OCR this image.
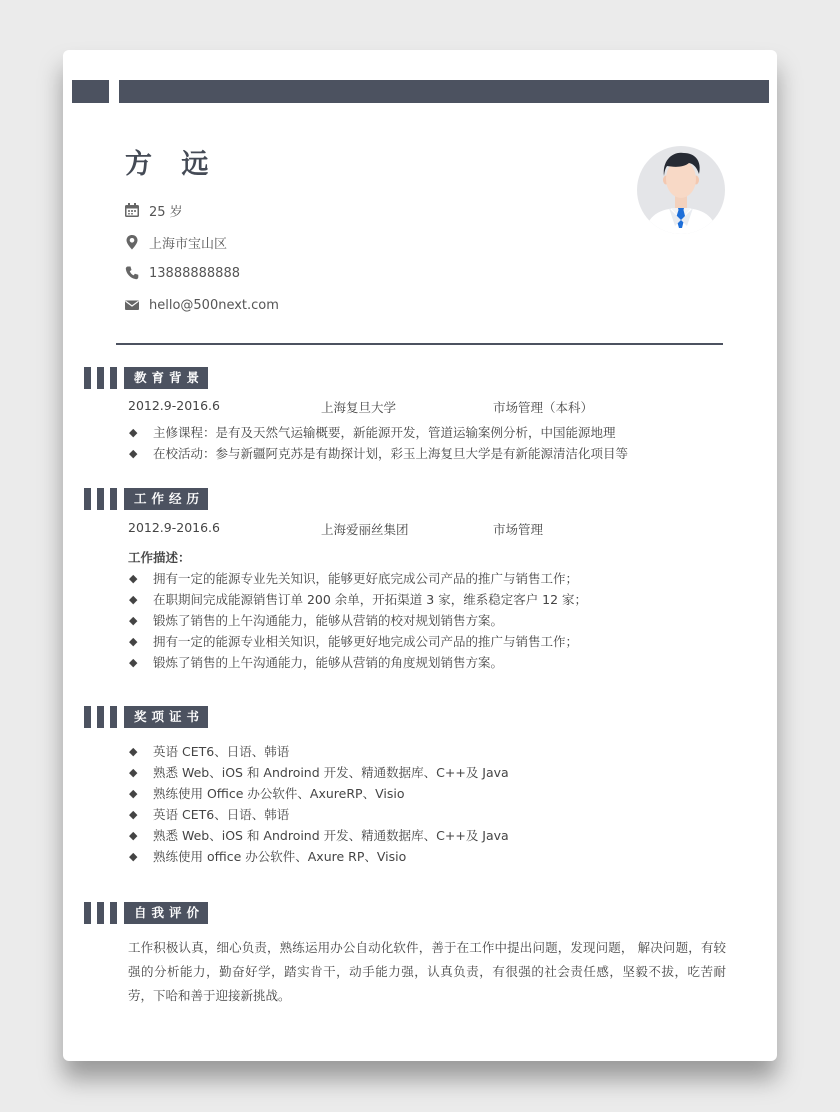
方 远
25 岁
上海市宝山区
13888888888
hello@500next.com
教育背景
2012.9-2016.6	上海复旦大学	市场管理（本科）
◆	主修课程：是有及天然气运输概要，新能源开发，管道运输案例分析，中国能源地理
◆	在校活动：参与新疆阿克苏是有勘探计划，彩玉上海复旦大学是有新能源清洁化项目等
工作经历
2012.9-2016.6	上海爱丽丝集团	市场管理
工作描述：
◆	拥有一定的能源专业先关知识，能够更好底完成公司产品的推广与销售工作；
◆	在职期间完成能源销售订单 200 余单，开拓渠道 3 家，维系稳定客户 12 家；
◆	锻炼了销售的上午沟通能力，能够从营销的校对规划销售方案。
◆	拥有一定的能源专业相关知识，能够更好地完成公司产品的推广与销售工作；
◆	锻炼了销售的上午沟通能力，能够从营销的角度规划销售方案。
奖项证书
◆	英语 CET6、日语、韩语
◆	熟悉 Web、iOS 和 Androind 开发、精通数据库、C++及 Java
◆	熟练使用 Office 办公软件、AxureRP、Visio
◆	英语 CET6、日语、韩语
◆	熟悉 Web、iOS 和 Androind 开发、精通数据库、C++及 Java
◆	熟练使用 office 办公软件、Axure RP、Visio
自我评价
工作积极认真，细心负责，熟练运用办公自动化软件，善于在工作中提出问题，发现问题， 解决问题，有较强的分析能力，勤奋好学，踏实肯干，动手能力强，认真负责，有很强的社会责任感，坚毅不拔，吃苦耐劳，下哈和善于迎接新挑战。
